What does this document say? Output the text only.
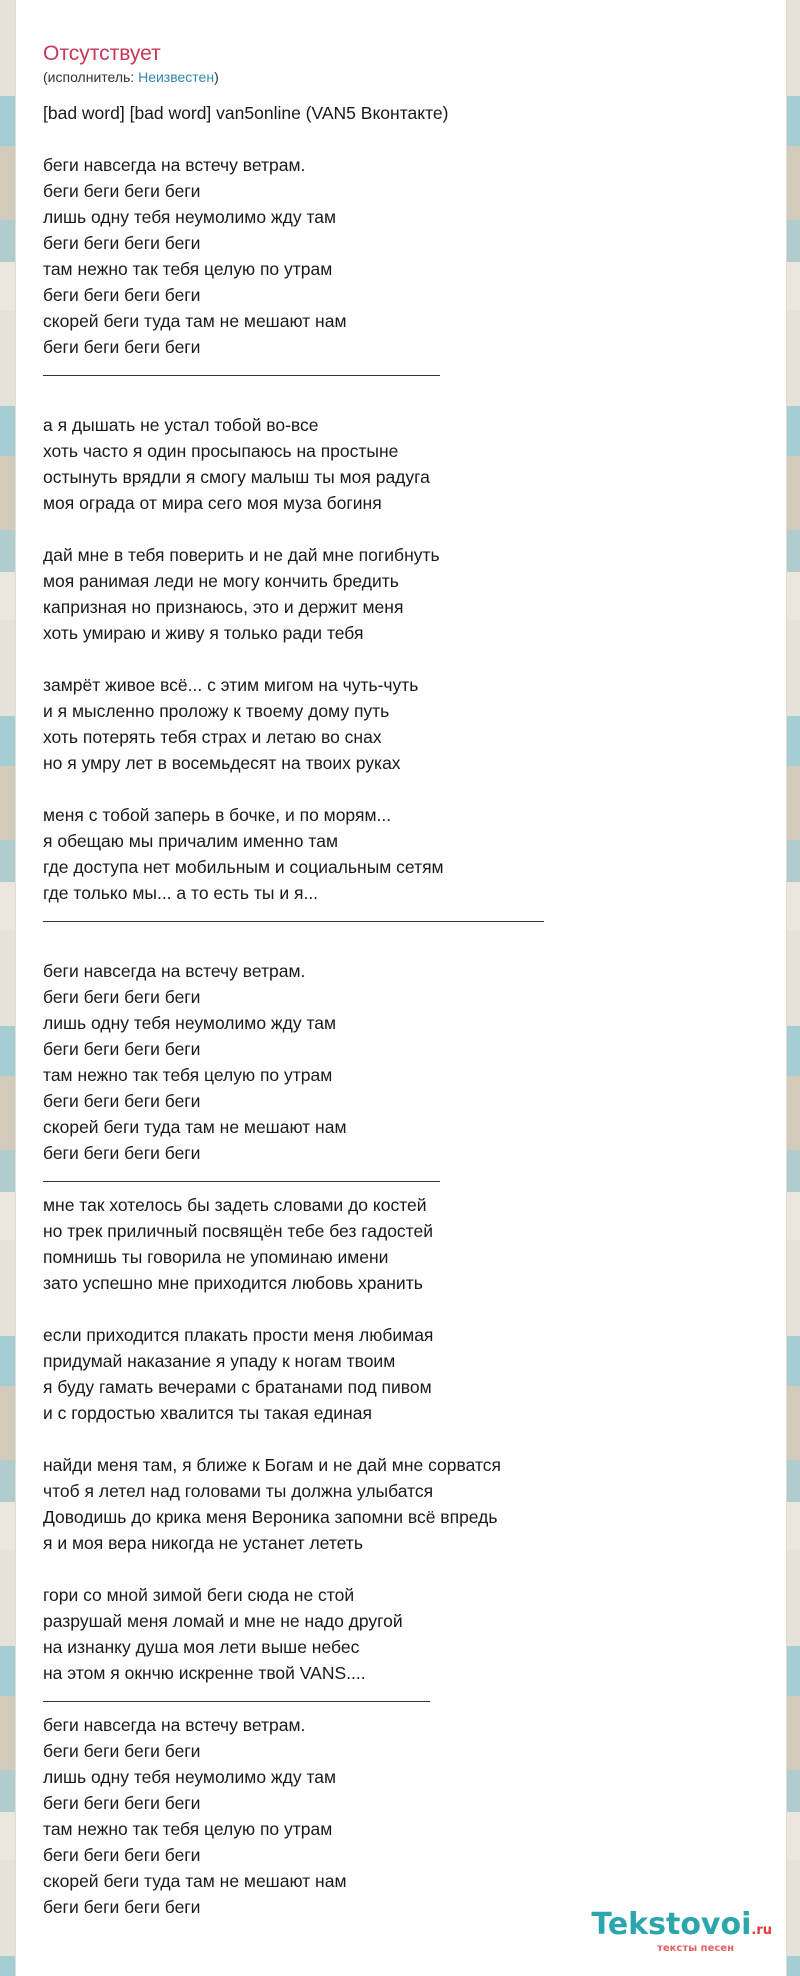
Отсутствует
(исполнитель: Неизвестен)
[bad word] [bad word] van5online (VAN5 Вконтакте)
беги навсегда на встечу ветрам.
беги беги беги беги
лишь одну тебя неумолимо жду там
беги беги беги беги
там нежно так тебя целую по утрам
беги беги беги беги
скорей беги туда там не мешают нам
беги беги беги беги
а я дышать не устал тобой во-все
хоть часто я один просыпаюсь на простыне
остынуть врядли я смогу малыш ты моя радуга
моя ограда от мира сего моя муза богиня
дай мне в тебя поверить и не дай мне погибнуть
моя ранимая леди не могу кончить бредить
капризная но признаюсь, это и держит меня
хоть умираю и живу я только ради тебя
замрёт живое всё... с этим мигом на чуть-чуть
и я мысленно проложу к твоему дому путь
хоть потерять тебя страх и летаю во снах
но я умру лет в восемьдесят на твоих руках
меня с тобой заперь в бочке, и по морям...
я обещаю мы причалим именно там
где доступа нет мобильным и социальным сетям
где только мы... а то есть ты и я...
беги навсегда на встечу ветрам.
беги беги беги беги
лишь одну тебя неумолимо жду там
беги беги беги беги
там нежно так тебя целую по утрам
беги беги беги беги
скорей беги туда там не мешают нам
беги беги беги беги
мне так хотелось бы задеть словами до костей
но трек приличный посвящён тебе без гадостей
помнишь ты говорила не упоминаю имени
зато успешно мне приходится любовь хранить
если приходится плакать прости меня любимая
придумай наказание я упаду к ногам твоим
я буду гамать вечерами с братанами под пивом
и с гордостью хвалится ты такая единая
найди меня там, я ближе к Богам и не дай мне сорватся
чтоб я летел над головами ты должна улыбатся
Доводишь до крика меня Вероника запомни всё впредь
я и моя вера никогда не устанет лететь
гори со мной зимой беги сюда не стой
разрушай меня ломай и мне не надо другой
на изнанку душа моя лети выше небес
на этом я окнчю искренне твой VANS....
беги навсегда на встечу ветрам.
беги беги беги беги
лишь одну тебя неумолимо жду там
беги беги беги беги
там нежно так тебя целую по утрам
беги беги беги беги
скорей беги туда там не мешают нам
беги беги беги беги	Tekstovoi.ru
тексты песен
